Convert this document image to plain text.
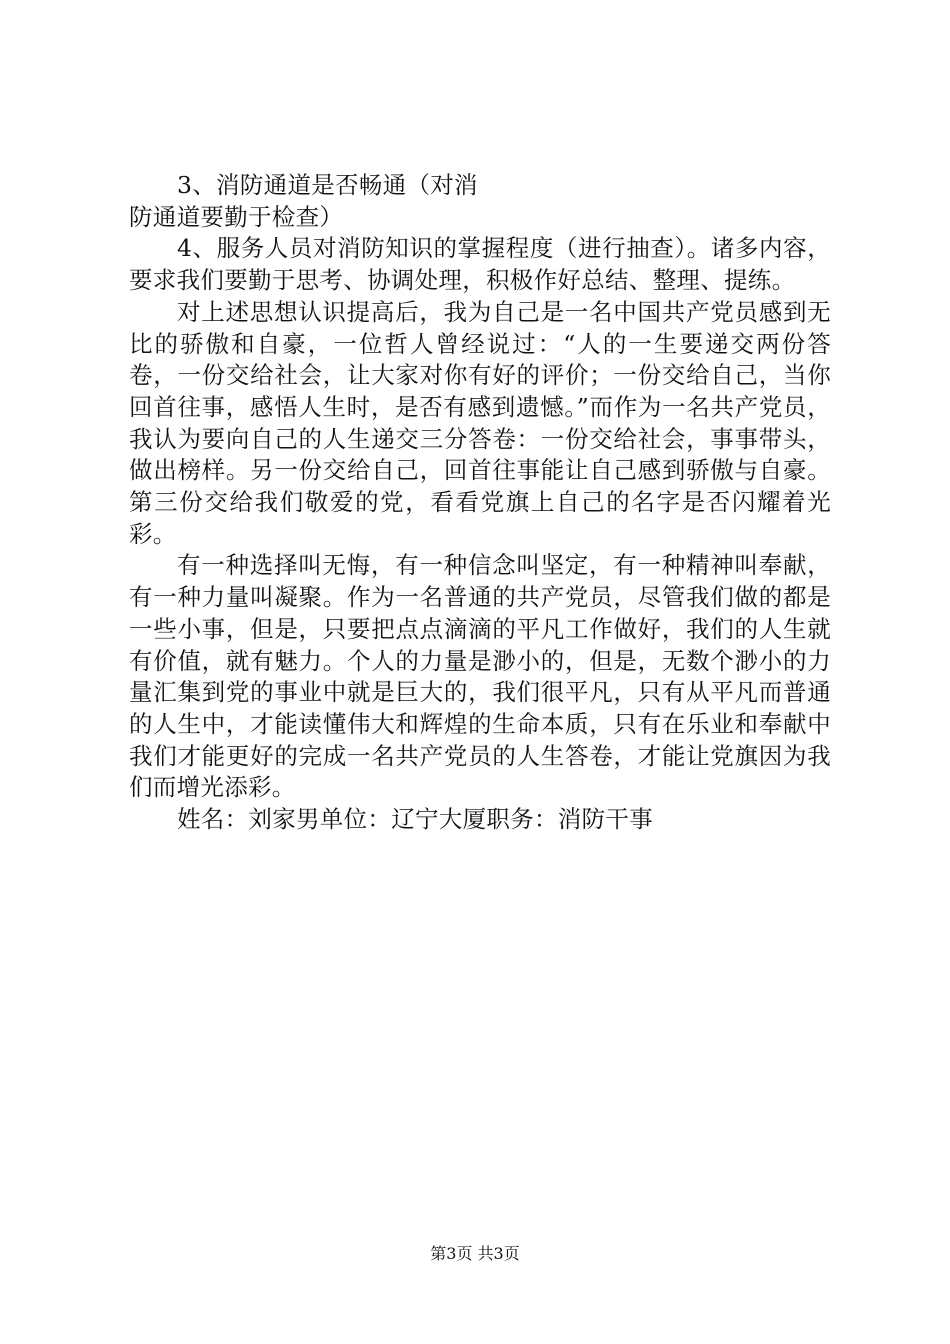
3、消防通道是否畅通（对消

防通道要勤于检查）

4、服务人员对消防知识的掌握程度（进行抽查）。诸多内容，要求我们要勤于思考、协调处理，积极作好总结、整理、提练。

对上述思想认识提高后，我为自己是一名中国共产党员感到无比的骄傲和自豪，一位哲人曾经说过：“人的一生要递交两份答卷，一份交给社会，让大家对你有好的评价；一份交给自己，当你回首往事，感悟人生时，是否有感到遗憾。”而作为一名共产党员，我认为要向自己的人生递交三分答卷：一份交给社会，事事带头，做出榜样。另一份交给自己，回首往事能让自己感到骄傲与自豪。第三份交给我们敬爱的党，看看党旗上自己的名字是否闪耀着光彩。

有一种选择叫无悔，有一种信念叫坚定，有一种精神叫奉献，有一种力量叫凝聚。作为一名普通的共产党员，尽管我们做的都是一些小事，但是，只要把点点滴滴的平凡工作做好，我们的人生就有价值，就有魅力。个人的力量是渺小的，但是，无数个渺小的力量汇集到党的事业中就是巨大的，我们很平凡，只有从平凡而普通的人生中，才能读懂伟大和辉煌的生命本质，只有在乐业和奉献中我们才能更好的完成一名共产党员的人生答卷，才能让党旗因为我们而增光添彩。

姓名：刘家男单位：辽宁大厦职务：消防干事

第3页 共3页
